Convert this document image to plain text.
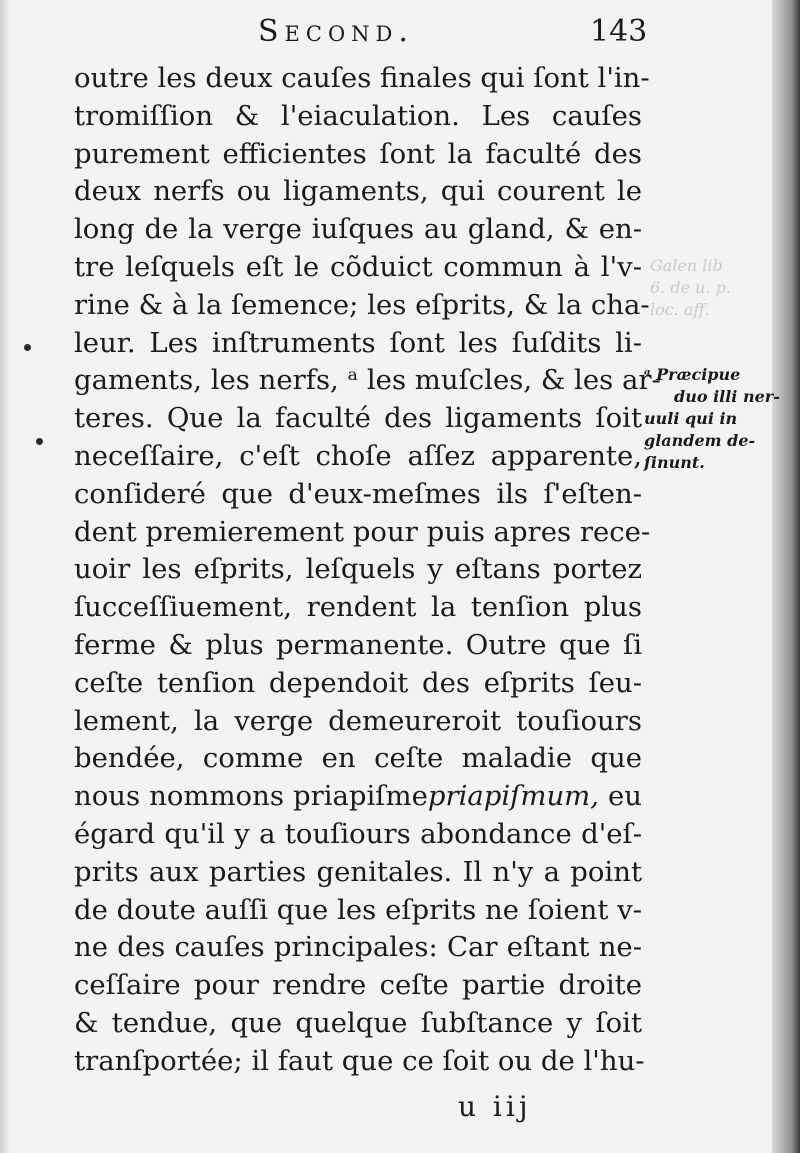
Second.	143
outre les deux cauſes finales qui ſont l'in-
tromiſſion & l'eiaculation. Les cauſes
purement efficientes ſont la faculté des
deux nerfs ou ligaments, qui courent le
long de la verge iuſques au gland, & en-
tre leſquels eſt le cõduict commun à l'v-
rine & à la ſemence; les eſprits, & la cha-
leur. Les inſtruments ſont les ſuſdits li-
gaments, les nerfs, ᵃ les muſcles, & les ar-
teres. Que la faculté des ligaments ſoit
neceſſaire, c'eſt choſe aſſez apparente,
conſideré que d'eux-meſmes ils ſ'eſten-
dent premierement pour puis apres rece-
uoir les eſprits, leſquels y eſtans portez
ſucceſſiuement, rendent la tenſion plus
ferme & plus permanente. Outre que ſi
ceſte tenſion dependoit des eſprits ſeu-
lement, la verge demeureroit touſiours
bendée, comme en ceſte maladie que
nous nommons priapiſmepriapiſmum, eu
égard qu'il y a touſiours abondance d'eſ-
prits aux parties genitales. Il n'y a point
de doute auſſi que les eſprits ne ſoient v-
ne des cauſes principales: Car eſtant ne-
ceſſaire pour rendre ceſte partie droite
& tendue, que quelque ſubſtance y ſoit
tranſportée; il faut que ce ſoit ou de l'hu-
Galen lib
6. de u. p.
loc. aff.
ᵃ Præcipue
duo illi ner-
uuli qui in
glandem de-
ſinunt.
u iij
